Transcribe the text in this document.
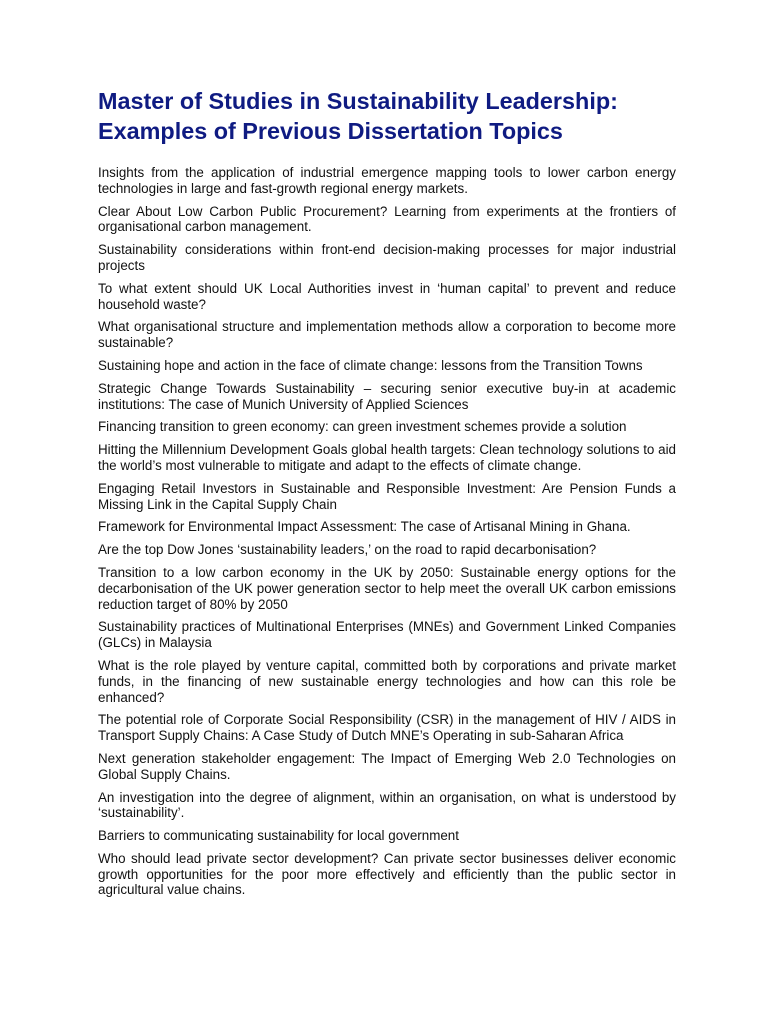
Master of Studies in Sustainability Leadership:
Examples of Previous Dissertation Topics
Insights from the application of industrial emergence mapping tools to lower carbon energy technologies in large and fast-growth regional energy markets.
Clear About Low Carbon Public Procurement? Learning from experiments at the frontiers of organisational carbon management.
Sustainability considerations within front-end decision-making processes for major industrial projects
To what extent should UK Local Authorities invest in ‘human capital’ to prevent and reduce household waste?
What organisational structure and implementation methods allow a corporation to become more sustainable?
Sustaining hope and action in the face of climate change: lessons from the Transition Towns
Strategic Change Towards Sustainability – securing senior executive buy-in at academic institutions: The case of Munich University of Applied Sciences
Financing transition to green economy: can green investment schemes provide a solution
Hitting the Millennium Development Goals global health targets: Clean technology solutions to aid the world’s most vulnerable to mitigate and adapt to the effects of climate change.
Engaging Retail Investors in Sustainable and Responsible Investment: Are Pension Funds a Missing Link in the Capital Supply Chain
Framework for Environmental Impact Assessment: The case of Artisanal Mining in Ghana.
Are the top Dow Jones ‘sustainability leaders,’ on the road to rapid decarbonisation?
Transition to a low carbon economy in the UK by 2050: Sustainable energy options for the decarbonisation of the UK power generation sector to help meet the overall UK carbon emissions reduction target of 80% by 2050
Sustainability practices of Multinational Enterprises (MNEs) and Government Linked Companies (GLCs) in Malaysia
What is the role played by venture capital, committed both by corporations and private market funds, in the financing of new sustainable energy technologies and how can this role be enhanced?
The potential role of Corporate Social Responsibility (CSR) in the management of HIV / AIDS in Transport Supply Chains: A Case Study of Dutch MNE’s Operating in sub-Saharan Africa
Next generation stakeholder engagement: The Impact of Emerging Web 2.0 Technologies on Global Supply Chains.
An investigation into the degree of alignment, within an organisation, on what is understood by ‘sustainability’.
Barriers to communicating sustainability for local government
Who should lead private sector development? Can private sector businesses deliver economic growth opportunities for the poor more effectively and efficiently than the public sector in agricultural value chains.
